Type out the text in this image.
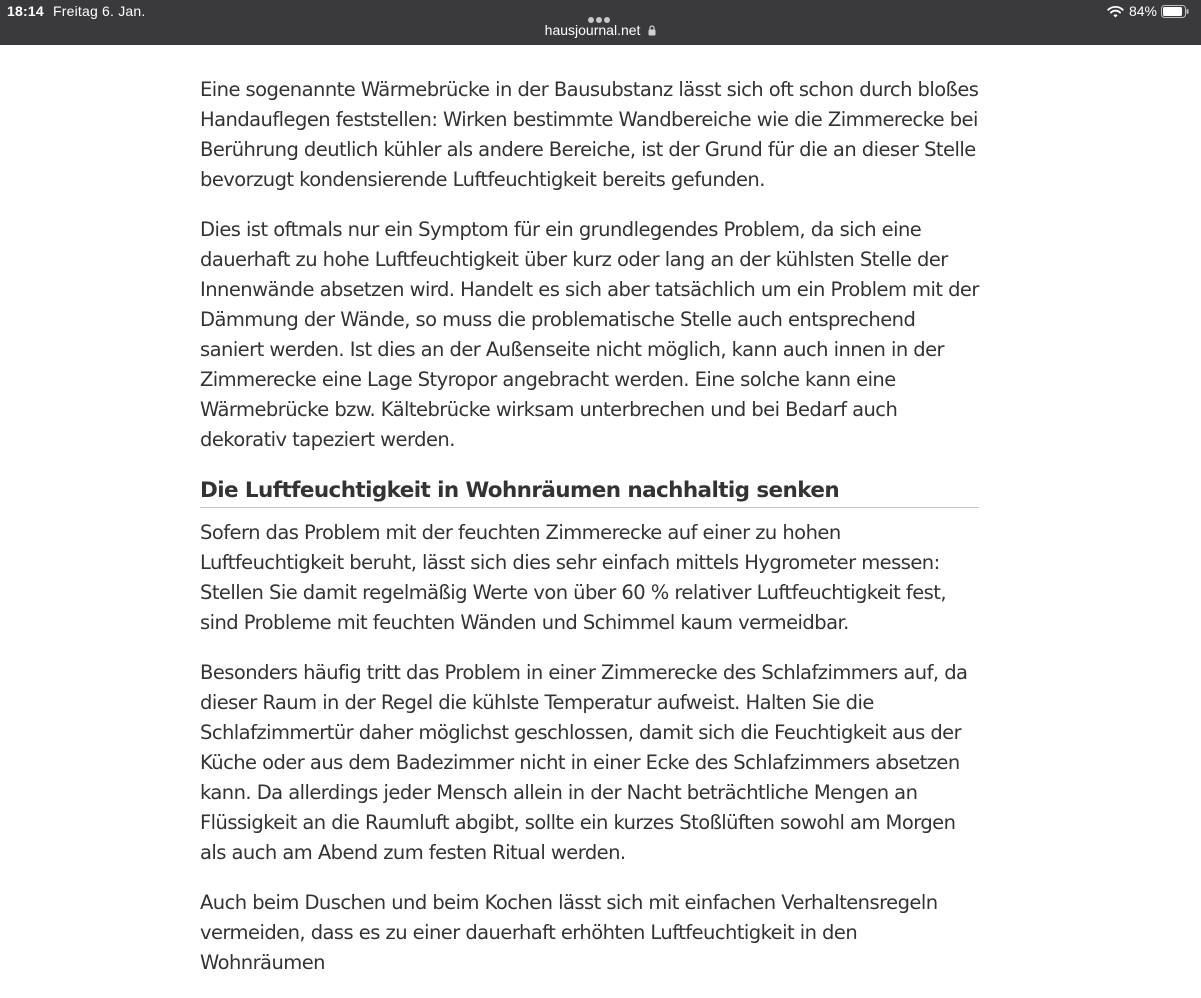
18:14 Freitag 6. Jan.
hausjournal.net
84%

Eine sogenannte Wärmebrücke in der Bausubstanz lässt sich oft schon durch bloßes Handauflegen feststellen: Wirken bestimmte Wandbereiche wie die Zimmerecke bei Berührung deutlich kühler als andere Bereiche, ist der Grund für die an dieser Stelle bevorzugt kondensierende Luftfeuchtigkeit bereits gefunden.

Dies ist oftmals nur ein Symptom für ein grundlegendes Problem, da sich eine dauerhaft zu hohe Luftfeuchtigkeit über kurz oder lang an der kühlsten Stelle der Innenwände absetzen wird. Handelt es sich aber tatsächlich um ein Problem mit der Dämmung der Wände, so muss die problematische Stelle auch entsprechend saniert werden. Ist dies an der Außenseite nicht möglich, kann auch innen in der Zimmerecke eine Lage Styropor angebracht werden. Eine solche kann eine Wärmebrücke bzw. Kältebrücke wirksam unterbrechen und bei Bedarf auch dekorativ tapeziert werden.

Die Luftfeuchtigkeit in Wohnräumen nachhaltig senken

Sofern das Problem mit der feuchten Zimmerecke auf einer zu hohen Luftfeuchtigkeit beruht, lässt sich dies sehr einfach mittels Hygrometer messen: Stellen Sie damit regelmäßig Werte von über 60 % relativer Luftfeuchtigkeit fest, sind Probleme mit feuchten Wänden und Schimmel kaum vermeidbar.

Besonders häufig tritt das Problem in einer Zimmerecke des Schlafzimmers auf, da dieser Raum in der Regel die kühlste Temperatur aufweist. Halten Sie die Schlafzimmertür daher möglichst geschlossen, damit sich die Feuchtigkeit aus der Küche oder aus dem Badezimmer nicht in einer Ecke des Schlafzimmers absetzen kann. Da allerdings jeder Mensch allein in der Nacht beträchtliche Mengen an Flüssigkeit an die Raumluft abgibt, sollte ein kurzes Stoßlüften sowohl am Morgen als auch am Abend zum festen Ritual werden.

Auch beim Duschen und beim Kochen lässt sich mit einfachen Verhaltensregeln vermeiden, dass es zu einer dauerhaft erhöhten Luftfeuchtigkeit in den Wohnräumen
